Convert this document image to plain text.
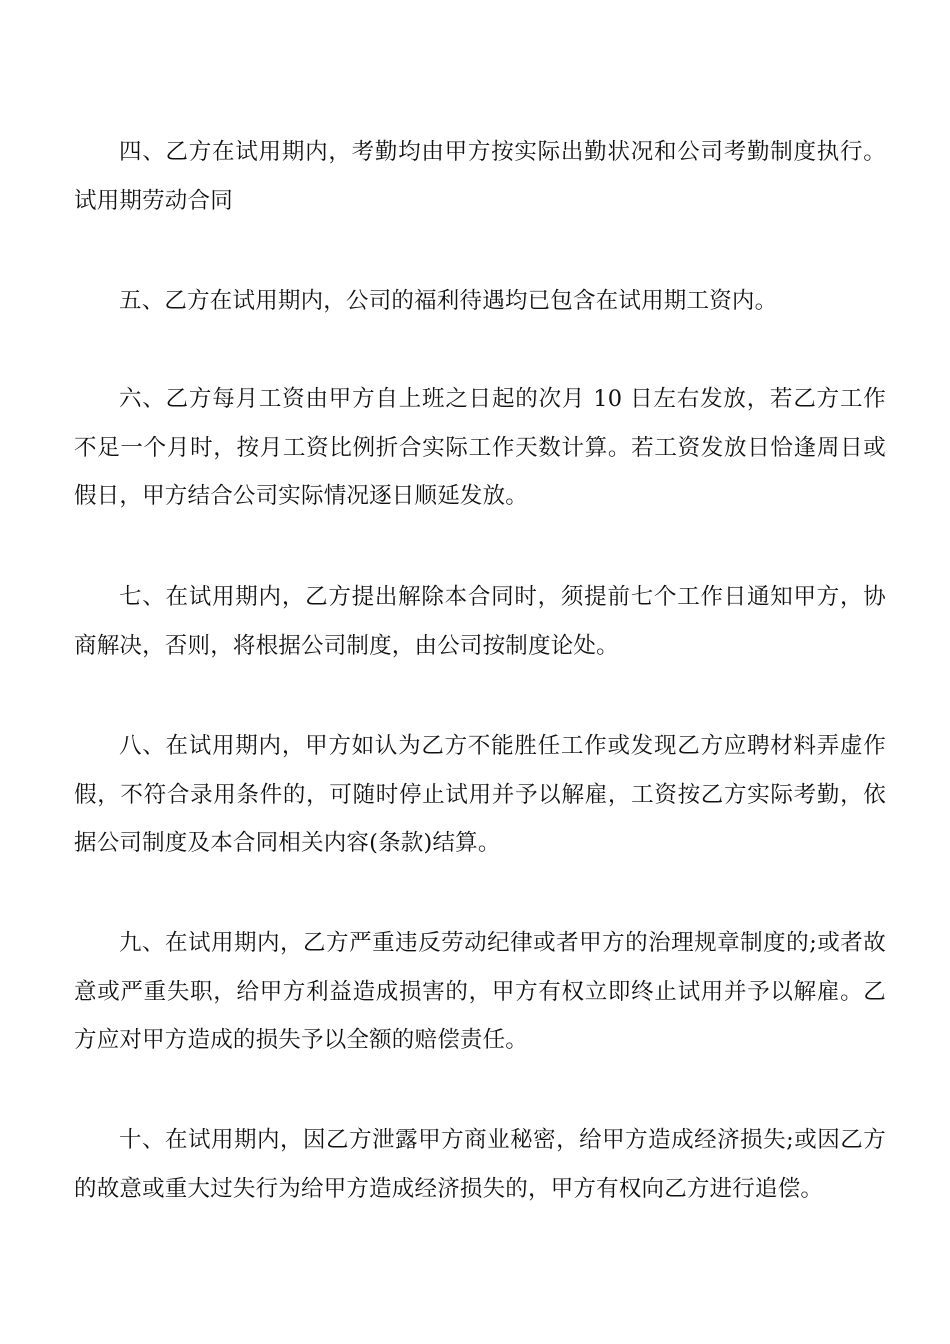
四、乙方在试用期内，考勤均由甲方按实际出勤状况和公司考勤制度执行。试用期劳动合同

五、乙方在试用期内，公司的福利待遇均已包含在试用期工资内。

六、乙方每月工资由甲方自上班之日起的次月 10 日左右发放，若乙方工作不足一个月时，按月工资比例折合实际工作天数计算。若工资发放日恰逢周日或假日，甲方结合公司实际情况逐日顺延发放。

七、在试用期内，乙方提出解除本合同时，须提前七个工作日通知甲方，协商解决，否则，将根据公司制度，由公司按制度论处。

八、在试用期内，甲方如认为乙方不能胜任工作或发现乙方应聘材料弄虚作假，不符合录用条件的，可随时停止试用并予以解雇，工资按乙方实际考勤，依据公司制度及本合同相关内容(条款)结算。

九、在试用期内，乙方严重违反劳动纪律或者甲方的治理规章制度的;或者故意或严重失职，给甲方利益造成损害的，甲方有权立即终止试用并予以解雇。乙方应对甲方造成的损失予以全额的赔偿责任。

十、在试用期内，因乙方泄露甲方商业秘密，给甲方造成经济损失;或因乙方的故意或重大过失行为给甲方造成经济损失的，甲方有权向乙方进行追偿。
